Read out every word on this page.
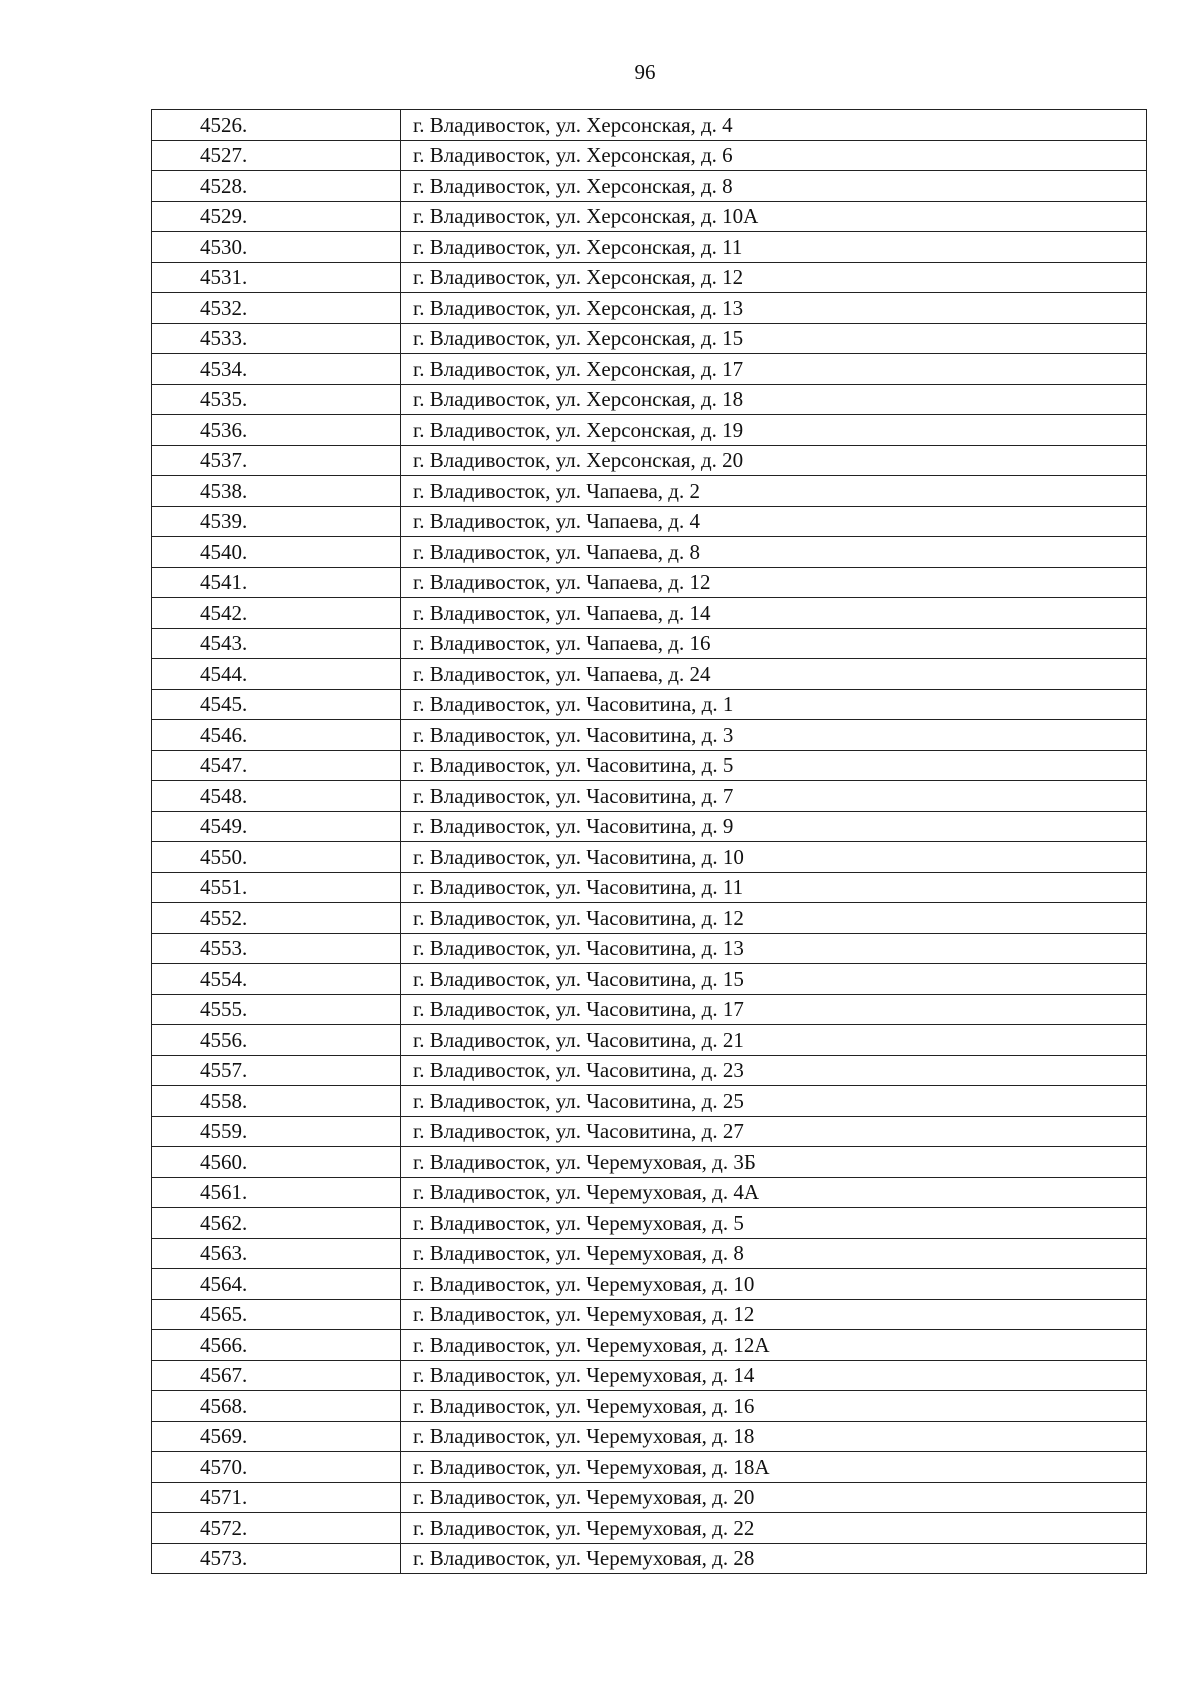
96
4526.	г. Владивосток, ул. Херсонская, д. 4
4527.	г. Владивосток, ул. Херсонская, д. 6
4528.	г. Владивосток, ул. Херсонская, д. 8
4529.	г. Владивосток, ул. Херсонская, д. 10А
4530.	г. Владивосток, ул. Херсонская, д. 11
4531.	г. Владивосток, ул. Херсонская, д. 12
4532.	г. Владивосток, ул. Херсонская, д. 13
4533.	г. Владивосток, ул. Херсонская, д. 15
4534.	г. Владивосток, ул. Херсонская, д. 17
4535.	г. Владивосток, ул. Херсонская, д. 18
4536.	г. Владивосток, ул. Херсонская, д. 19
4537.	г. Владивосток, ул. Херсонская, д. 20
4538.	г. Владивосток, ул. Чапаева, д. 2
4539.	г. Владивосток, ул. Чапаева, д. 4
4540.	г. Владивосток, ул. Чапаева, д. 8
4541.	г. Владивосток, ул. Чапаева, д. 12
4542.	г. Владивосток, ул. Чапаева, д. 14
4543.	г. Владивосток, ул. Чапаева, д. 16
4544.	г. Владивосток, ул. Чапаева, д. 24
4545.	г. Владивосток, ул. Часовитина, д. 1
4546.	г. Владивосток, ул. Часовитина, д. 3
4547.	г. Владивосток, ул. Часовитина, д. 5
4548.	г. Владивосток, ул. Часовитина, д. 7
4549.	г. Владивосток, ул. Часовитина, д. 9
4550.	г. Владивосток, ул. Часовитина, д. 10
4551.	г. Владивосток, ул. Часовитина, д. 11
4552.	г. Владивосток, ул. Часовитина, д. 12
4553.	г. Владивосток, ул. Часовитина, д. 13
4554.	г. Владивосток, ул. Часовитина, д. 15
4555.	г. Владивосток, ул. Часовитина, д. 17
4556.	г. Владивосток, ул. Часовитина, д. 21
4557.	г. Владивосток, ул. Часовитина, д. 23
4558.	г. Владивосток, ул. Часовитина, д. 25
4559.	г. Владивосток, ул. Часовитина, д. 27
4560.	г. Владивосток, ул. Черемуховая, д. 3Б
4561.	г. Владивосток, ул. Черемуховая, д. 4А
4562.	г. Владивосток, ул. Черемуховая, д. 5
4563.	г. Владивосток, ул. Черемуховая, д. 8
4564.	г. Владивосток, ул. Черемуховая, д. 10
4565.	г. Владивосток, ул. Черемуховая, д. 12
4566.	г. Владивосток, ул. Черемуховая, д. 12А
4567.	г. Владивосток, ул. Черемуховая, д. 14
4568.	г. Владивосток, ул. Черемуховая, д. 16
4569.	г. Владивосток, ул. Черемуховая, д. 18
4570.	г. Владивосток, ул. Черемуховая, д. 18А
4571.	г. Владивосток, ул. Черемуховая, д. 20
4572.	г. Владивосток, ул. Черемуховая, д. 22
4573.	г. Владивосток, ул. Черемуховая, д. 28
